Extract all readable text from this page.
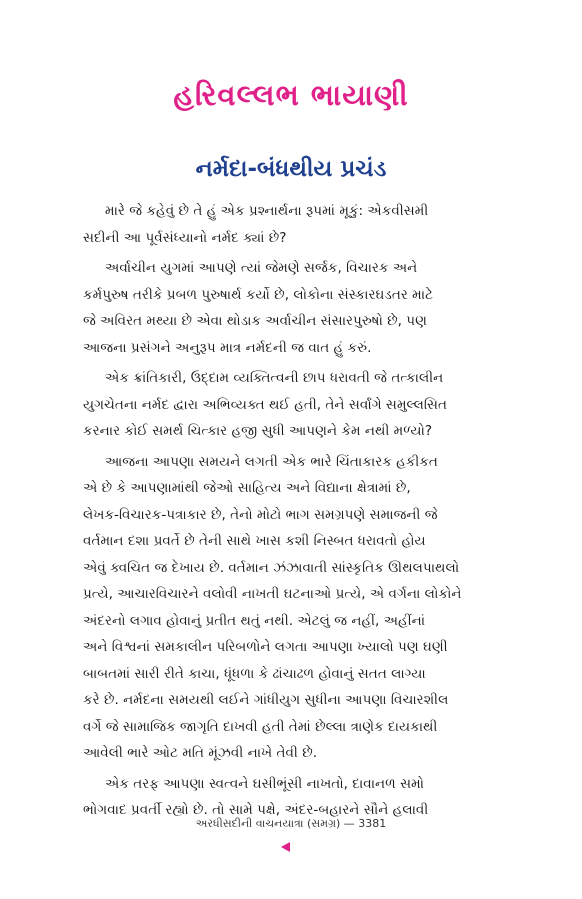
હરિવલ્લભ ભાયાણી
નર્મદા-બંધથીય પ્રચંડ

મારે જે કહેવું છે તે હું એક પ્રશ્નાર્થના રૂપમાં મૂકું: એકવીસમી

સદીની આ પૂર્વસંધ્યાનો નર્મદ ક્યાં છે?

અર્વાચીન યુગમાં આપણે ત્યાં જેમણે સર્જક, વિચારક અને

કર્મપુરુષ તરીકે પ્રબળ પુરુષાર્થ કર્યો છે, લોકોના સંસ્કારઘડતર માટે

જે અવિરત મથ્યા છે એવા થોડાક અર્વાચીન સંસારપુરુષો છે, પણ

આજના પ્રસંગને અનુરૂપ માત્ર નર્મદની જ વાત હું કરું.

એક ક્રાંતિકારી, ઉદ્દામ વ્યક્તિત્વની છાપ ધરાવતી જે તત્કાલીન

યુગચેતના નર્મદ દ્વારા અભિવ્યક્ત થઈ હતી, તેને સર્વાંગે સમુલ્લસિત

કરનાર કોઈ સમર્થ ચિત્કાર હજી સુધી આપણને કેમ નથી મળ્યો?

આજના આપણા સમયને લગતી એક ભારે ચિંતાકારક હકીકત

એ છે કે આપણામાંથી જેઓ સાહિત્ય અને વિદ્યાના ક્ષેત્રામાં છે,

લેખક-વિચારક-પત્રાકાર છે, તેનો મોટો ભાગ સમગ્રપણે સમાજની જે

વર્તમાન દશા પ્રવર્તે છે તેની સાથે ખાસ કશી નિસ્બત ધરાવતો હોય

એવું ક્વચિત જ દેખાય છે. વર્તમાન ઝંઝાવાતી સાંસ્કૃતિક ઊથલપાથલો

પ્રત્યે, આચારવિચારને વલોવી નાખતી ઘટનાઓ પ્રત્યે, એ વર્ગના લોકોને

અંદરનો લગાવ હોવાનું પ્રતીત થતું નથી. એટલું જ નહીં, અહીંનાં

અને વિશ્વનાં સમકાલીન પરિબળોને લગતા આપણા ખ્યાલો પણ ઘણી

બાબતમાં સારી રીતે કાચા, ધૂંધળા કે ઢાંચાઢળ હોવાનું સતત લાગ્યા

કરે છે. નર્મદના સમયથી લઈને ગાંધીયુગ સુધીના આપણા વિચારશીલ

વર્ગે જે સામાજિક જાગૃતિ દાખવી હતી તેમાં છેલ્લા ત્રાણેક દાયકાથી

આવેલી ભારે ઓટ મતિ મૂંઝવી નાખે તેવી છે.

એક તરફ આપણા સ્વત્વને ઘસીભૂંસી નાખતો, દાવાનળ સમો

ભોગવાદ પ્રવર્તી રહ્યો છે. તો સામે પક્ષે, અંદર-બહારને સૌને હલાવી

અરધીસદીની વાચનયાત્રા (સમગ્ર) — 3381
